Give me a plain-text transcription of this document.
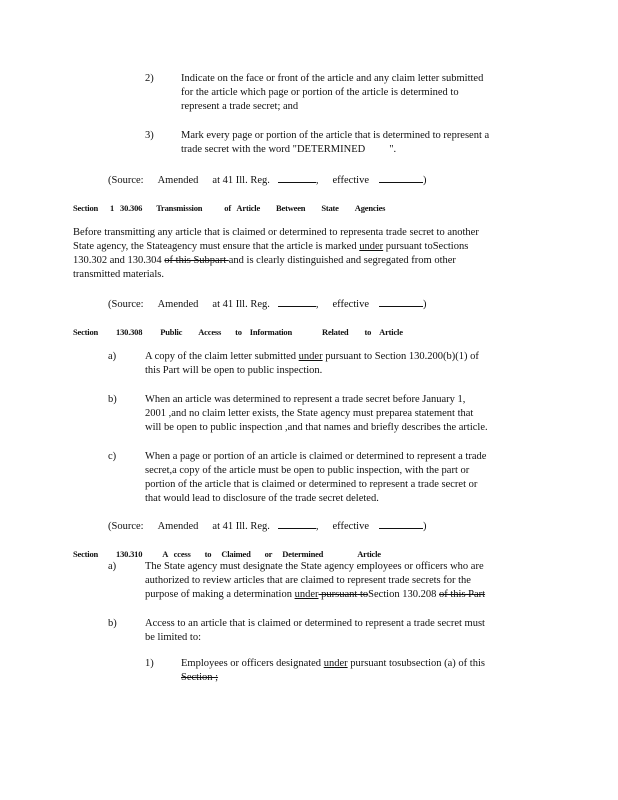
2)	Indicate on the face or front of the article and any claim letter submitted

for the article which page or portion of the article is determined to

represent a trade secret; and

3)	Mark every page or portion of the article that is determined to represent a

trade secret with the word "DETERMINED ".

(Source: Amended at 41 Ill. Reg.	, effective	)
Section 1 30.306 Transmission	of Article Between State Agencies

Before transmitting any article that is claimed or determined to representa trade secret to another

State agency, the Stateagency must ensure that the article is marked under pursuant toSections

130.302 and 130.304 of this Subpart and is clearly distinguished and segregated from other

transmitted materials.

(Source: Amended at 41 Ill. Reg.	, effective	)
Section 130.308 Public Access to Information	Related to Article
a)	A copy of the claim letter submitted under pursuant to Section 130.200(b)(1) of

this Part will be open to public inspection.

b)	When an article was determined to represent a trade secret before January 1,

2001 ,and no claim letter exists, the State agency must preparea statement that

will be open to public inspection ,and that names and briefly describes the article.

c)	When a page or portion of an article is claimed or determined to represent a trade

secret,a copy of the article must be open to public inspection, with the part or

portion of the article that is claimed or determined to represent a trade secret or

that would lead to disclosure of the trade secret deleted.

(Source: Amended at 41 Ill. Reg.	, effective	)
Section 130.310 A ccess to Claimed or Determined	Article
a)	The State agency must designate the State agency employees or officers who are

authorized to review articles that are claimed to represent trade secrets for the

purpose of making a determination under pursuant toSection 130.208 of this Part

b)	Access to an article that is claimed or determined to represent a trade secret must

be limited to:

1)	Employees or officers designated under pursuant tosubsection (a) of this

Section ;
